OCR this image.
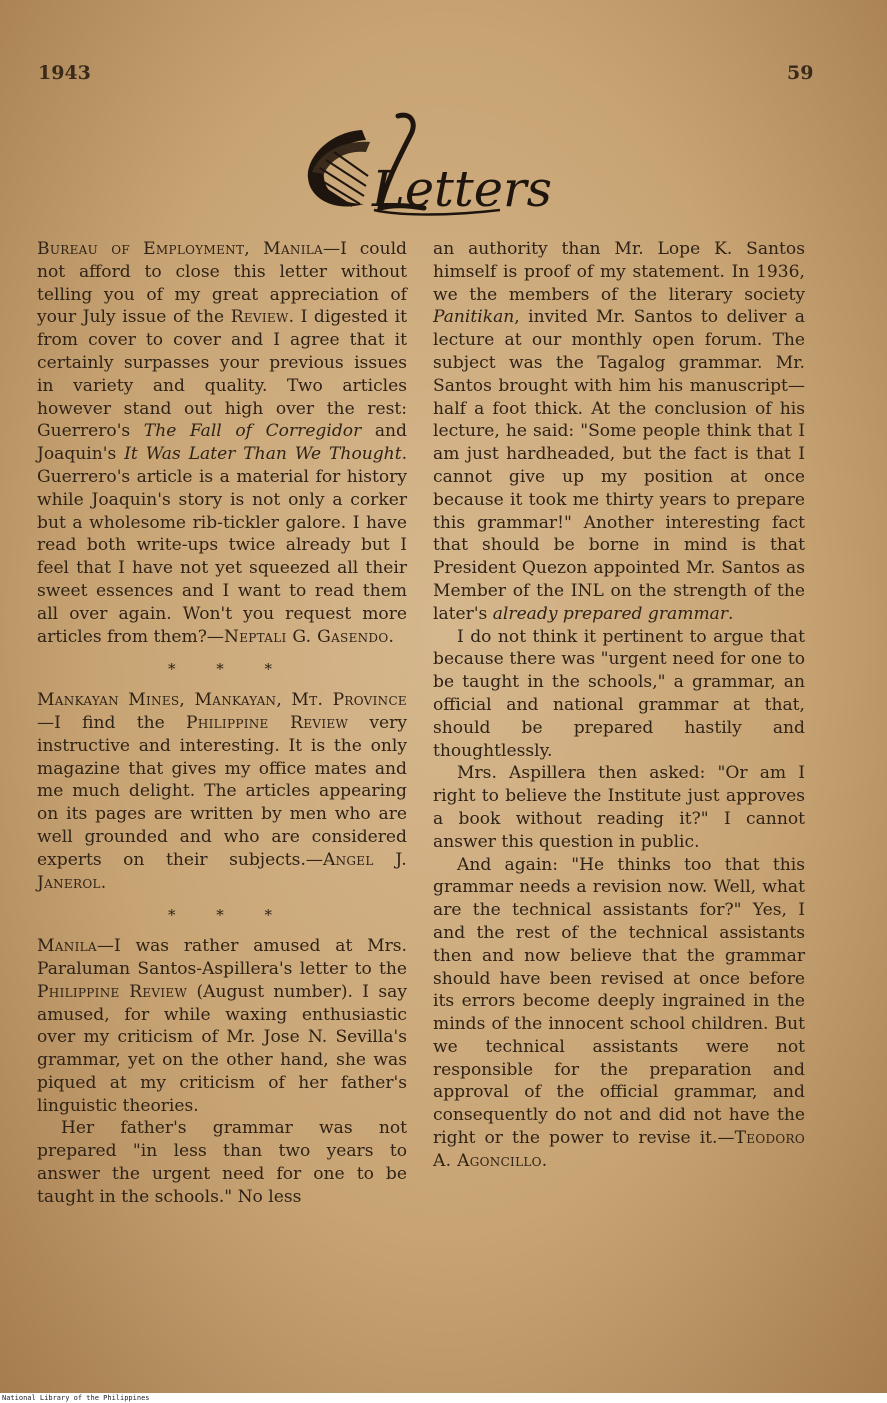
1943	59
Letters

Bureau of Employment, Manila—I could not afford to close this letter without telling you of my great appreciation of your July issue of the Review. I digested it from cover to cover and I agree that it certainly surpasses your previous issues in variety and quality. Two articles however stand out high over the rest: Guerrero's The Fall of Corregidor and Joaquin's It Was Later Than We Thought. Guerrero's article is a material for history while Joaquin's story is not only a corker but a wholesome rib-tickler galore. I have read both write-ups twice already but I feel that I have not yet squeezed all their sweet essences and I want to read them all over again. Won't you request more articles from them?—Neptali G. Gasendo.

* * *

Mankayan Mines, Mankayan, Mt. Province—I find the Philippine Review very instructive and interesting. It is the only magazine that gives my office mates and me much delight. The articles appearing on its pages are written by men who are well grounded and who are considered experts on their subjects.—Angel J. Janerol.

* * *

Manila—I was rather amused at Mrs. Paraluman Santos-Aspillera's letter to the Philippine Review (August number). I say amused, for while waxing enthusiastic over my criticism of Mr. Jose N. Sevilla's grammar, yet on the other hand, she was piqued at my criticism of her father's linguistic theories.

Her father's grammar was not prepared "in less than two years to answer the urgent need for one to be taught in the schools." No less

an authority than Mr. Lope K. Santos himself is proof of my statement. In 1936, we the members of the literary society Panitikan, invited Mr. Santos to deliver a lecture at our monthly open forum. The subject was the Tagalog grammar. Mr. Santos brought with him his manuscript—half a foot thick. At the conclusion of his lecture, he said: "Some people think that I am just hardheaded, but the fact is that I cannot give up my position at once because it took me thirty years to prepare this grammar!" Another interesting fact that should be borne in mind is that President Quezon appointed Mr. Santos as Member of the INL on the strength of the later's already prepared grammar.

I do not think it pertinent to argue that because there was "urgent need for one to be taught in the schools," a grammar, an official and national grammar at that, should be prepared hastily and thoughtlessly.

Mrs. Aspillera then asked: "Or am I right to believe the Institute just approves a book without reading it?" I cannot answer this question in public.

And again: "He thinks too that this grammar needs a revision now. Well, what are the technical assistants for?" Yes, I and the rest of the technical assistants then and now believe that the grammar should have been revised at once before its errors become deeply ingrained in the minds of the innocent school children. But we technical assistants were not responsible for the preparation and approval of the official grammar, and consequently do not and did not have the right or the power to revise it.—Teodoro A. Agoncillo.

National Library of the Philippines
